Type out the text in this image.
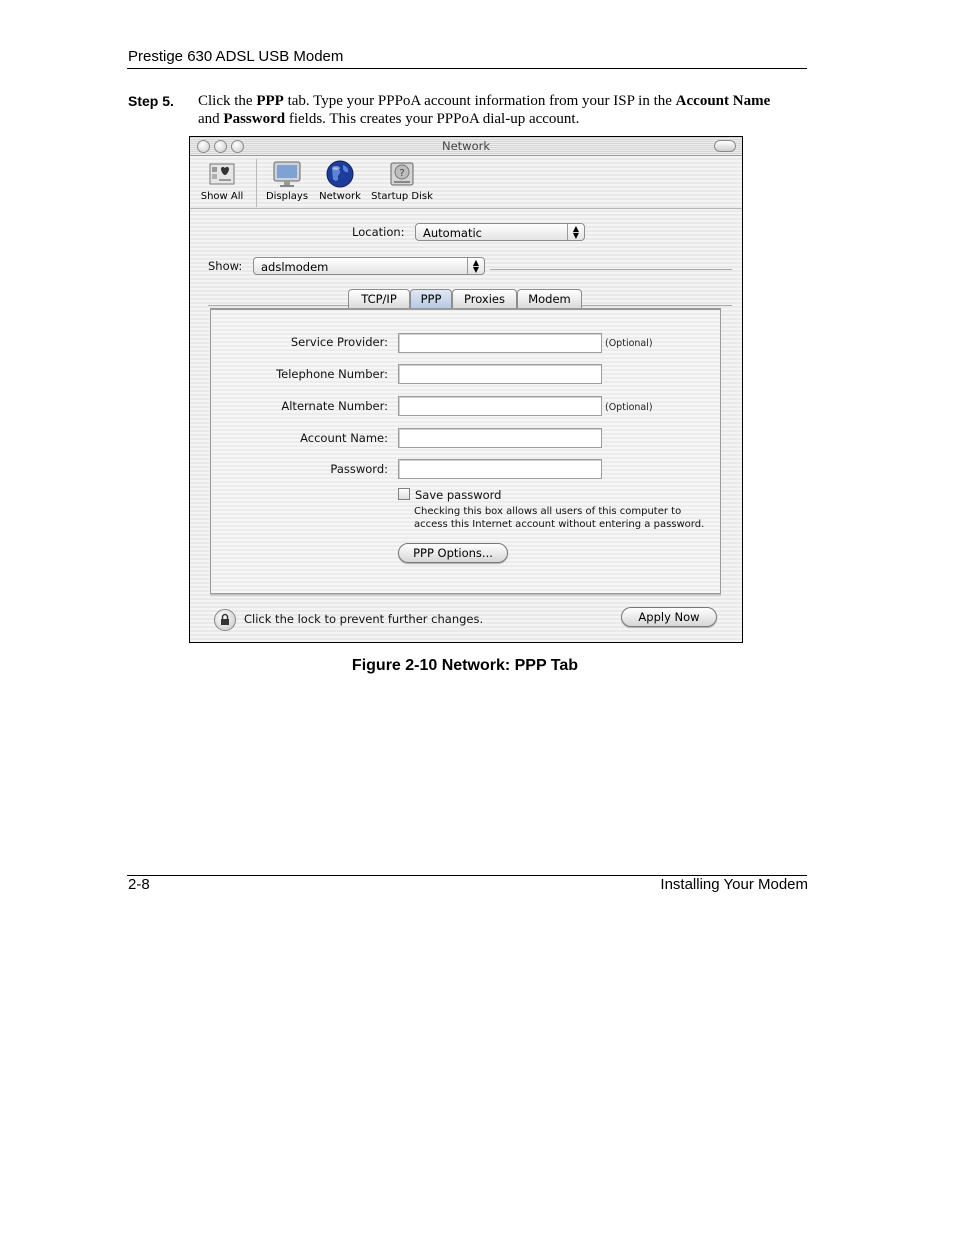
Prestige 630 ADSL USB Modem
Step 5. Click the PPP tab. Type your PPPoA account information from your ISP in the Account Name
and Password fields. This creates your PPPoA dial-up account.
Network
Show All	Displays	Network
?
Startup Disk
Location:	Automatic	▲
▼
Show:	adslmodem	▲
▼
TCP/IP	PPP	Proxies	Modem
Service Provider:	(Optional)
Telephone Number:
Alternate Number:	(Optional)
Account Name:
Password:
Save password
Checking this box allows all users of this computer to
access this Internet account without entering a password.
PPP Options...
Click the lock to prevent further changes.	Apply Now
Figure 2-10 Network: PPP Tab
2-8	Installing Your Modem
